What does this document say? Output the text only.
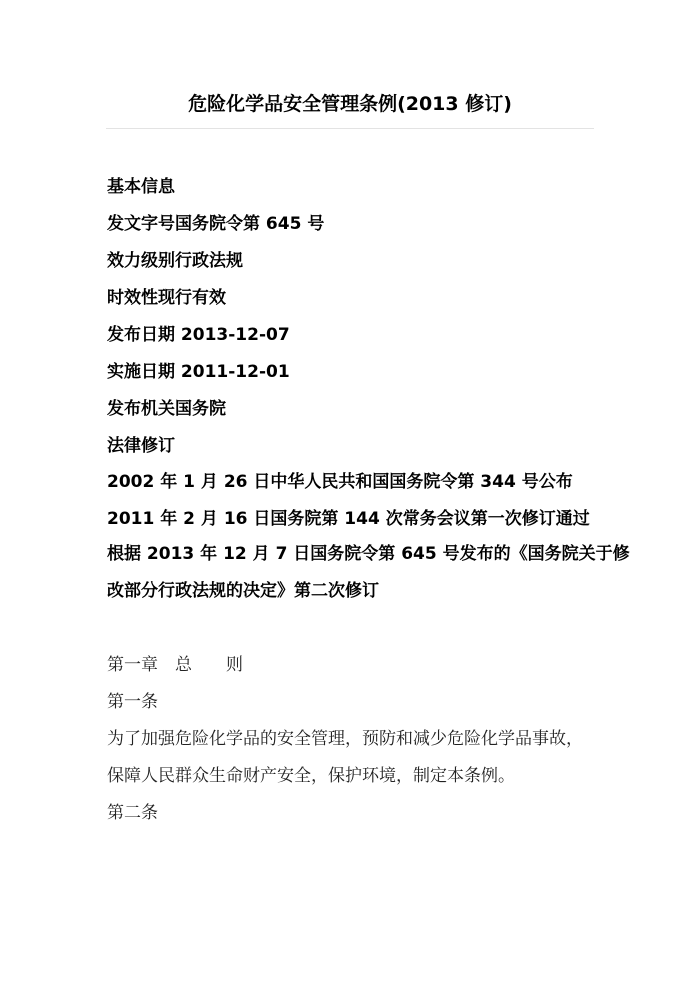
危险化学品安全管理条例(2013 修订)
基本信息
发文字号国务院令第 645 号
效力级别行政法规
时效性现行有效
发布日期 2013-12-07
实施日期 2011-12-01
发布机关国务院
法律修订
2002 年 1 月 26 日中华人民共和国国务院令第 344 号公布
2011 年 2 月 16 日国务院第 144 次常务会议第一次修订通过
根据 2013 年 12 月 7 日国务院令第 645 号发布的《国务院关于修
改部分行政法规的决定》第二次修订
第一章　总　　则
第一条
为了加强危险化学品的安全管理，预防和减少危险化学品事故，
保障人民群众生命财产安全，保护环境，制定本条例。
第二条
